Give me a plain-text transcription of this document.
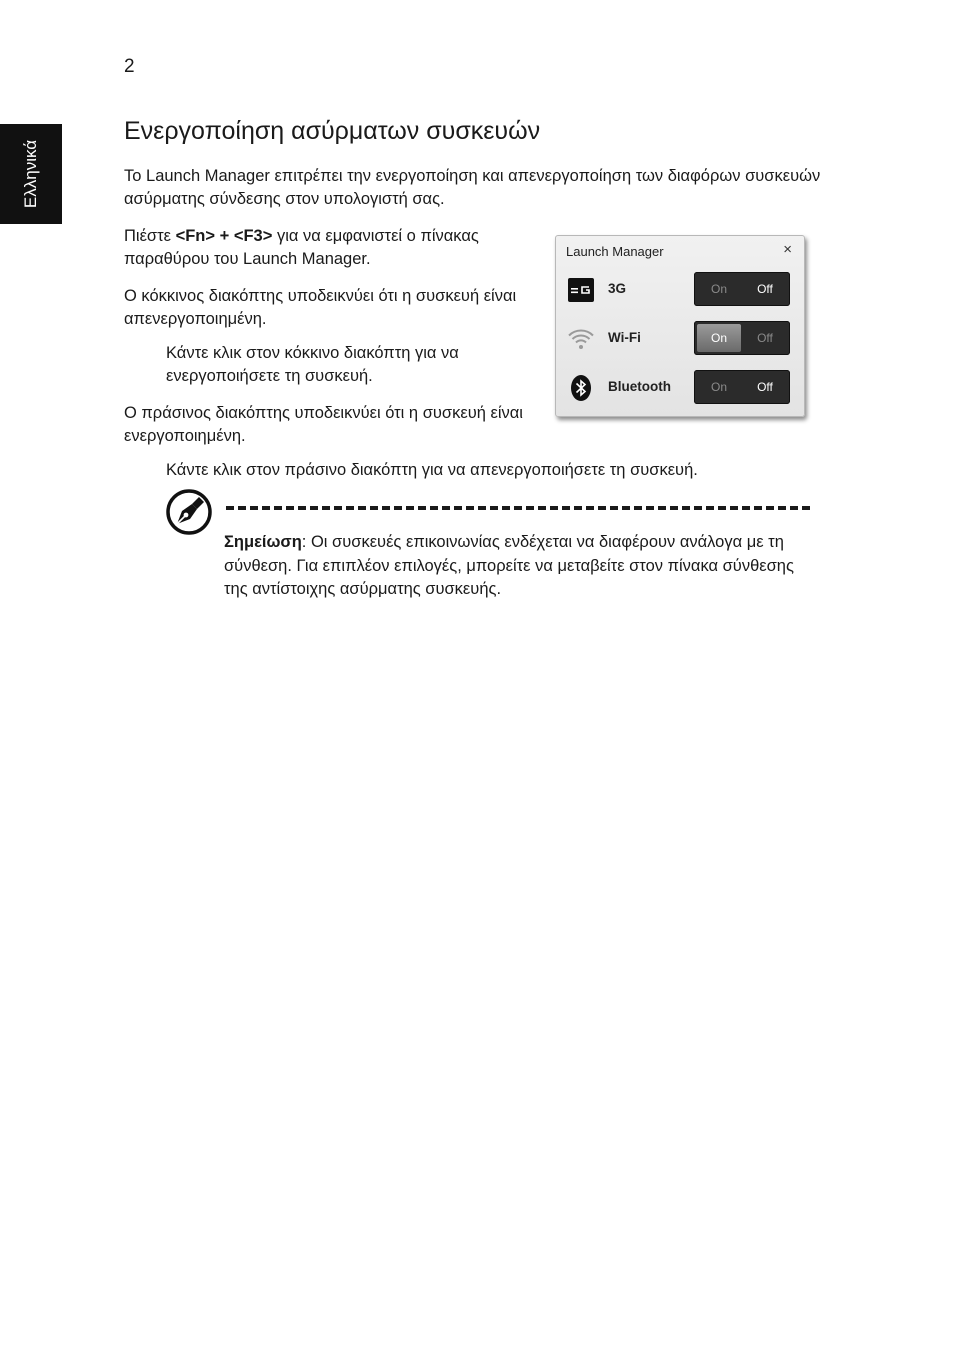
2
Ελληνικά
Ενεργοποίηση ασύρματων συσκευών

Το Launch Manager επιτρέπει την ενεργοποίηση και απενεργοποίηση των διαφόρων συσκευών ασύρματης σύνδεσης στον υπολογιστή σας.

Πιέστε <Fn> + <F3> για να εμφανιστεί ο πίνακας παραθύρου του Launch Manager.

Ο κόκκινος διακόπτης υποδεικνύει ότι η συσκευή είναι απενεργοποιημένη.

Κάντε κλικ στον κόκκινο διακόπτη για να ενεργοποιήσετε τη συσκευή.

Ο πράσινος διακόπτης υποδεικνύει ότι η συσκευή είναι ενεργοποιημένη.

Κάντε κλικ στον πράσινο διακόπτη για να απενεργοποιήσετε τη συσκευή.

Launch Manager	×
3G	On	Off
Wi-Fi	On	Off
Bluetooth	On	Off

Σημείωση: Οι συσκευές επικοινωνίας ενδέχεται να διαφέρουν ανάλογα με τη σύνθεση. Για επιπλέον επιλογές, μπορείτε να μεταβείτε στον πίνακα σύνθεσης της αντίστοιχης ασύρματης συσκευής.
